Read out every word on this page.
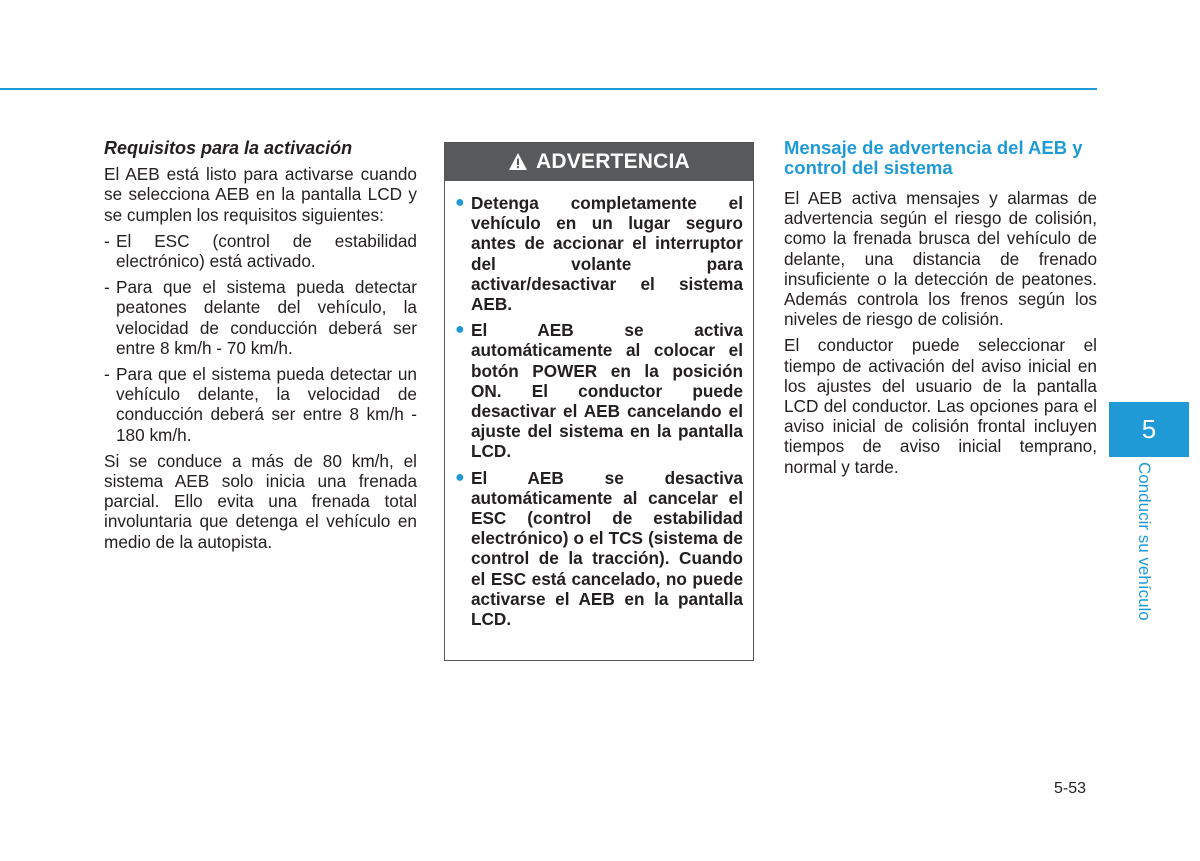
Requisitos para la activación

El AEB está listo para activarse cuando se selecciona AEB en la pantalla LCD y se cumplen los requisitos siguientes:

- El ESC (control de estabilidad electrónico) está activado.
- Para que el sistema pueda detectar peatones delante del vehículo, la velocidad de conducción deberá ser entre 8 km/h - 70 km/h.
- Para que el sistema pueda detectar un vehículo delante, la velocidad de conducción deberá ser entre 8 km/h - 180 km/h.

Si se conduce a más de 80 km/h, el sistema AEB solo inicia una frenada parcial. Ello evita una frenada total involuntaria que detenga el vehículo en medio de la autopista.

ADVERTENCIA
● Detenga completamente el vehículo en un lugar seguro antes de accionar el interruptor del volante para activar/desactivar el sistema AEB.
● El AEB se activa automáticamente al colocar el botón POWER en la posición ON. El conductor puede desactivar el AEB cancelando el ajuste del sistema en la pantalla LCD.
● El AEB se desactiva automáticamente al cancelar el ESC (control de estabilidad electrónico) o el TCS (sistema de control de la tracción). Cuando el ESC está cancelado, no puede activarse el AEB en la pantalla LCD.

Mensaje de advertencia del AEB y control del sistema

El AEB activa mensajes y alarmas de advertencia según el riesgo de colisión, como la frenada brusca del vehículo de delante, una distancia de frenado insuficiente o la detección de peatones. Además controla los frenos según los niveles de riesgo de colisión.

El conductor puede seleccionar el tiempo de activación del aviso inicial en los ajustes del usuario de la pantalla LCD del conductor. Las opciones para el aviso inicial de colisión frontal incluyen tiempos de aviso inicial temprano, normal y tarde.

5
Conducir su vehículo
5-53
